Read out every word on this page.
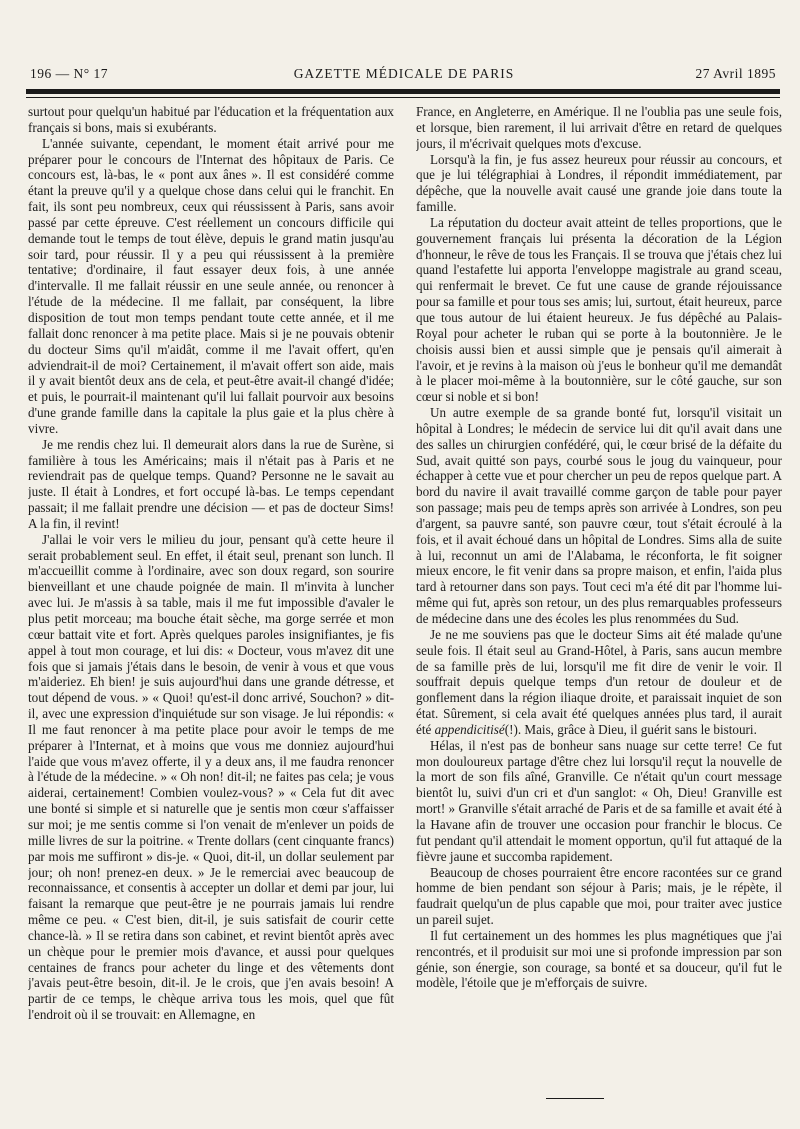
196 — N° 17	GAZETTE MÉDICALE DE PARIS	27 Avril 1895

surtout pour quelqu'un habitué par l'éducation et la fréquentation aux français si bons, mais si exubérants.

L'année suivante, cependant, le moment était arrivé pour me préparer pour le concours de l'Internat des hôpitaux de Paris. Ce concours est, là-bas, le « pont aux ânes ». Il est considéré comme étant la preuve qu'il y a quelque chose dans celui qui le franchit. En fait, ils sont peu nombreux, ceux qui réussissent à Paris, sans avoir passé par cette épreuve. C'est réellement un concours difficile qui demande tout le temps de tout élève, depuis le grand matin jusqu'au soir tard, pour réussir. Il y a peu qui réussissent à la première tentative; d'ordinaire, il faut essayer deux fois, à une année d'intervalle. Il me fallait réussir en une seule année, ou renoncer à l'étude de la médecine. Il me fallait, par conséquent, la libre disposition de tout mon temps pendant toute cette année, et il me fallait donc renoncer à ma petite place. Mais si je ne pouvais obtenir du docteur Sims qu'il m'aidât, comme il me l'avait offert, qu'en adviendrait-il de moi? Certainement, il m'avait offert son aide, mais il y avait bientôt deux ans de cela, et peut-être avait-il changé d'idée; et puis, le pourrait-il maintenant qu'il lui fallait pourvoir aux besoins d'une grande famille dans la capitale la plus gaie et la plus chère à vivre.

Je me rendis chez lui. Il demeurait alors dans la rue de Surène, si familière à tous les Américains; mais il n'était pas à Paris et ne reviendrait pas de quelque temps. Quand? Personne ne le savait au juste. Il était à Londres, et fort occupé là-bas. Le temps cependant passait; il me fallait prendre une décision — et pas de docteur Sims! A la fin, il revint!

J'allai le voir vers le milieu du jour, pensant qu'à cette heure il serait probablement seul. En effet, il était seul, prenant son lunch. Il m'accueillit comme à l'ordinaire, avec son doux regard, son sourire bienveillant et une chaude poignée de main. Il m'invita à luncher avec lui. Je m'assis à sa table, mais il me fut impossible d'avaler le plus petit morceau; ma bouche était sèche, ma gorge serrée et mon cœur battait vite et fort. Après quelques paroles insignifiantes, je fis appel à tout mon courage, et lui dis: « Docteur, vous m'avez dit une fois que si jamais j'étais dans le besoin, de venir à vous et que vous m'aideriez. Eh bien! je suis aujourd'hui dans une grande détresse, et tout dépend de vous. » « Quoi! qu'est-il donc arrivé, Souchon? » dit-il, avec une expression d'inquiétude sur son visage. Je lui répondis: « Il me faut renoncer à ma petite place pour avoir le temps de me préparer à l'Internat, et à moins que vous me donniez aujourd'hui l'aide que vous m'avez offerte, il y a deux ans, il me faudra renoncer à l'étude de la médecine. » « Oh non! dit-il; ne faites pas cela; je vous aiderai, certainement! Combien voulez-vous? » « Cela fut dit avec une bonté si simple et si naturelle que je sentis mon cœur s'affaisser sur moi; je me sentis comme si l'on venait de m'enlever un poids de mille livres de sur la poitrine. « Trente dollars (cent cinquante francs) par mois me suffiront » dis-je. « Quoi, dit-il, un dollar seulement par jour; oh non! prenez-en deux. » Je le remerciai avec beaucoup de reconnaissance, et consentis à accepter un dollar et demi par jour, lui faisant la remarque que peut-être je ne pourrais jamais lui rendre même ce peu. « C'est bien, dit-il, je suis satisfait de courir cette chance-là. » Il se retira dans son cabinet, et revint bientôt après avec un chèque pour le premier mois d'avance, et aussi pour quelques centaines de francs pour acheter du linge et des vêtements dont j'avais peut-être besoin, dit-il. Je le crois, que j'en avais besoin! A partir de ce temps, le chèque arriva tous les mois, quel que fût l'endroit où il se trouvait: en Allemagne, en

France, en Angleterre, en Amérique. Il ne l'oublia pas une seule fois, et lorsque, bien rarement, il lui arrivait d'être en retard de quelques jours, il m'écrivait quelques mots d'excuse.

Lorsqu'à la fin, je fus assez heureux pour réussir au concours, et que je lui télégraphiai à Londres, il répondit immédiatement, par dépêche, que la nouvelle avait causé une grande joie dans toute la famille.

La réputation du docteur avait atteint de telles proportions, que le gouvernement français lui présenta la décoration de la Légion d'honneur, le rêve de tous les Français. Il se trouva que j'étais chez lui quand l'estafette lui apporta l'enveloppe magistrale au grand sceau, qui renfermait le brevet. Ce fut une cause de grande réjouissance pour sa famille et pour tous ses amis; lui, surtout, était heureux, parce que tous autour de lui étaient heureux. Je fus dépêché au Palais-Royal pour acheter le ruban qui se porte à la boutonnière. Je le choisis aussi bien et aussi simple que je pensais qu'il aimerait à l'avoir, et je revins à la maison où j'eus le bonheur qu'il me demandât à le placer moi-même à la boutonnière, sur le côté gauche, sur son cœur si noble et si bon!

Un autre exemple de sa grande bonté fut, lorsqu'il visitait un hôpital à Londres; le médecin de service lui dit qu'il avait dans une des salles un chirurgien confédéré, qui, le cœur brisé de la défaite du Sud, avait quitté son pays, courbé sous le joug du vainqueur, pour échapper à cette vue et pour chercher un peu de repos quelque part. A bord du navire il avait travaillé comme garçon de table pour payer son passage; mais peu de temps après son arrivée à Londres, son peu d'argent, sa pauvre santé, son pauvre cœur, tout s'était écroulé à la fois, et il avait échoué dans un hôpital de Londres. Sims alla de suite à lui, reconnut un ami de l'Alabama, le réconforta, le fit soigner mieux encore, le fit venir dans sa propre maison, et enfin, l'aida plus tard à retourner dans son pays. Tout ceci m'a été dit par l'homme lui-même qui fut, après son retour, un des plus remarquables professeurs de médecine dans une des écoles les plus renommées du Sud.

Je ne me souviens pas que le docteur Sims ait été malade qu'une seule fois. Il était seul au Grand-Hôtel, à Paris, sans aucun membre de sa famille près de lui, lorsqu'il me fit dire de venir le voir. Il souffrait depuis quelque temps d'un retour de douleur et de gonflement dans la région iliaque droite, et paraissait inquiet de son état. Sûrement, si cela avait été quelques années plus tard, il aurait été appendicitisé(!). Mais, grâce à Dieu, il guérit sans le bistouri.

Hélas, il n'est pas de bonheur sans nuage sur cette terre! Ce fut mon douloureux partage d'être chez lui lorsqu'il reçut la nouvelle de la mort de son fils aîné, Granville. Ce n'était qu'un court message bientôt lu, suivi d'un cri et d'un sanglot: « Oh, Dieu! Granville est mort! » Granville s'était arraché de Paris et de sa famille et avait été à la Havane afin de trouver une occasion pour franchir le blocus. Ce fut pendant qu'il attendait le moment opportun, qu'il fut attaqué de la fièvre jaune et succomba rapidement.

Beaucoup de choses pourraient être encore racontées sur ce grand homme de bien pendant son séjour à Paris; mais, je le répète, il faudrait quelqu'un de plus capable que moi, pour traiter avec justice un pareil sujet.

Il fut certainement un des hommes les plus magnétiques que j'ai rencontrés, et il produisit sur moi une si profonde impression par son génie, son énergie, son courage, sa bonté et sa douceur, qu'il fut le modèle, l'étoile que je m'efforçais de suivre.
